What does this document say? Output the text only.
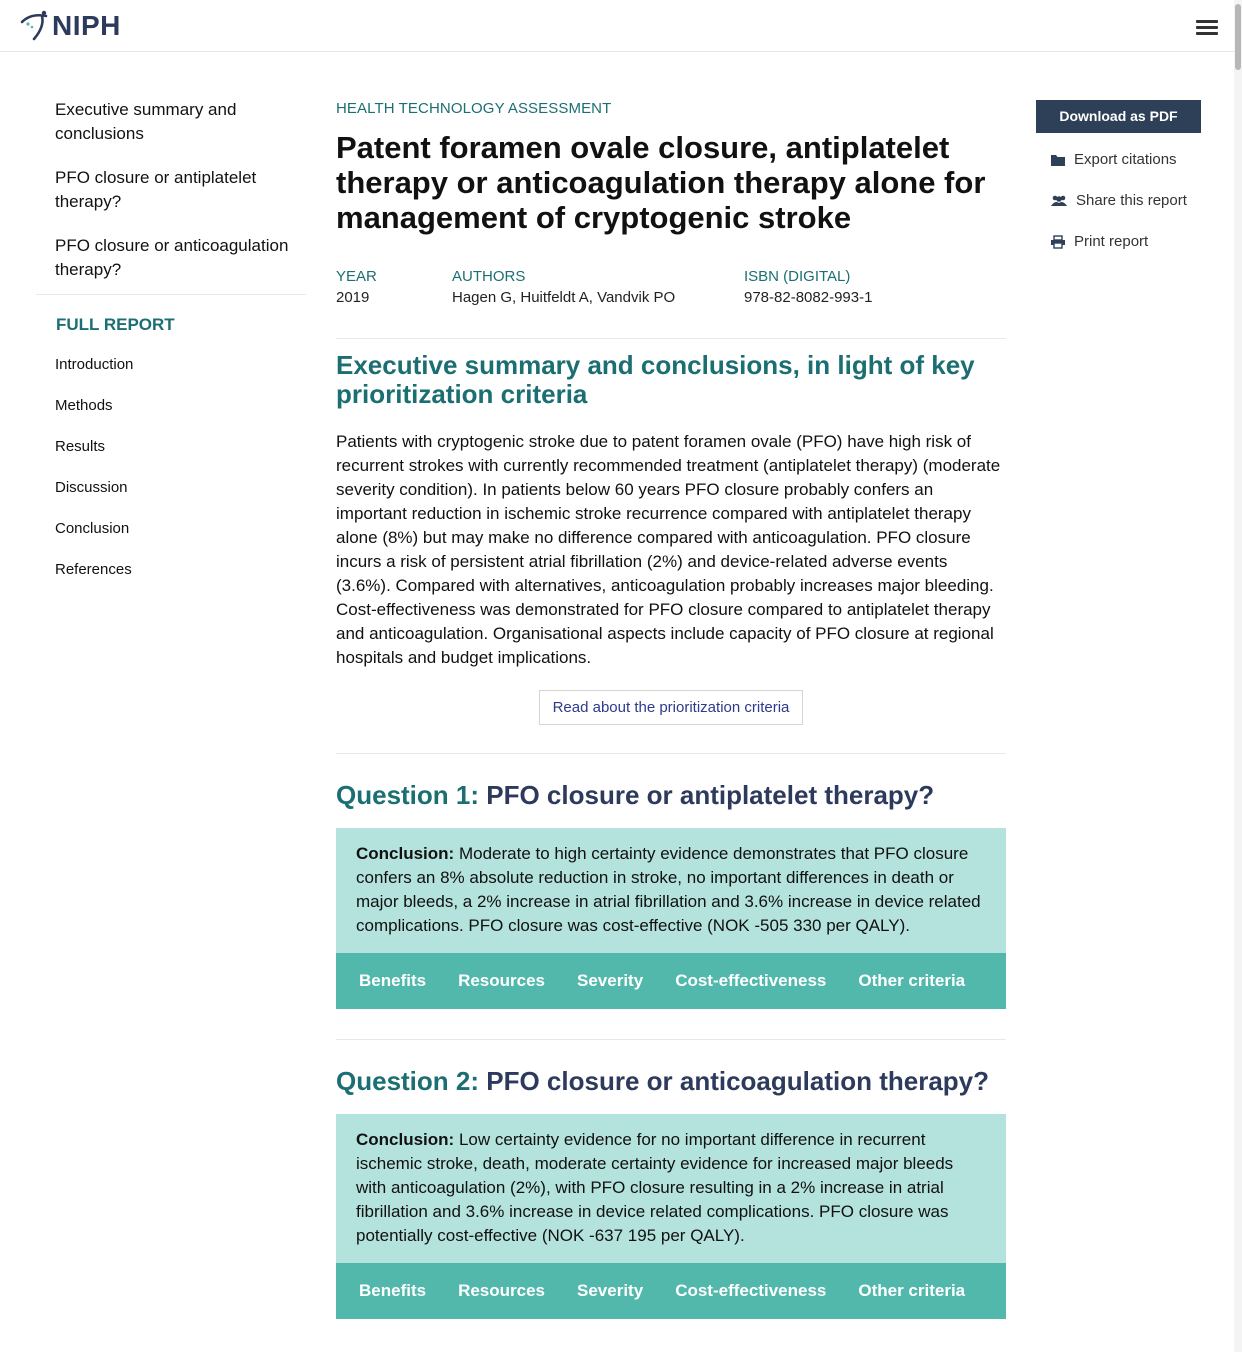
NIPH
Executive summary and conclusions
PFO closure or antiplatelet therapy?
PFO closure or anticoagulation therapy?
FULL REPORT
Introduction
Methods
Results
Discussion
Conclusion
References
HEALTH TECHNOLOGY ASSESSMENT
Patent foramen ovale closure, antiplatelet therapy or anticoagulation therapy alone for management of cryptogenic stroke
YEAR
2019
AUTHORS
Hagen G, Huitfeldt A, Vandvik PO
ISBN (DIGITAL)
978-82-8082-993-1
Executive summary and conclusions, in light of key prioritization criteria

Patients with cryptogenic stroke due to patent foramen ovale (PFO) have high risk of recurrent strokes with currently recommended treatment (antiplatelet therapy) (moderate severity condition). In patients below 60 years PFO closure probably confers an important reduction in ischemic stroke recurrence compared with antiplatelet therapy alone (8%) but may make no difference compared with anticoagulation. PFO closure incurs a risk of persistent atrial fibrillation (2%) and device-related adverse events (3.6%). Compared with alternatives, anticoagulation probably increases major bleeding. Cost-effectiveness was demonstrated for PFO closure compared to antiplatelet therapy and anticoagulation. Organisational aspects include capacity of PFO closure at regional hospitals and budget implications.

Read about the prioritization criteria
Question 1: PFO closure or antiplatelet therapy?
Conclusion: Moderate to high certainty evidence demonstrates that PFO closure confers an 8% absolute reduction in stroke, no important differences in death or major bleeds, a 2% increase in atrial fibrillation and 3.6% increase in device related complications. PFO closure was cost-effective (NOK -505 330 per QALY).
Benefits Resources Severity Cost-effectiveness Other criteria
Question 2: PFO closure or anticoagulation therapy?
Conclusion: Low certainty evidence for no important difference in recurrent ischemic stroke, death, moderate certainty evidence for increased major bleeds with anticoagulation (2%), with PFO closure resulting in a 2% increase in atrial fibrillation and 3.6% increase in device related complications. PFO closure was potentially cost-effective (NOK -637 195 per QALY).
Benefits Resources Severity Cost-effectiveness Other criteria
Download as PDF
Export citations
Share this report
Print report
